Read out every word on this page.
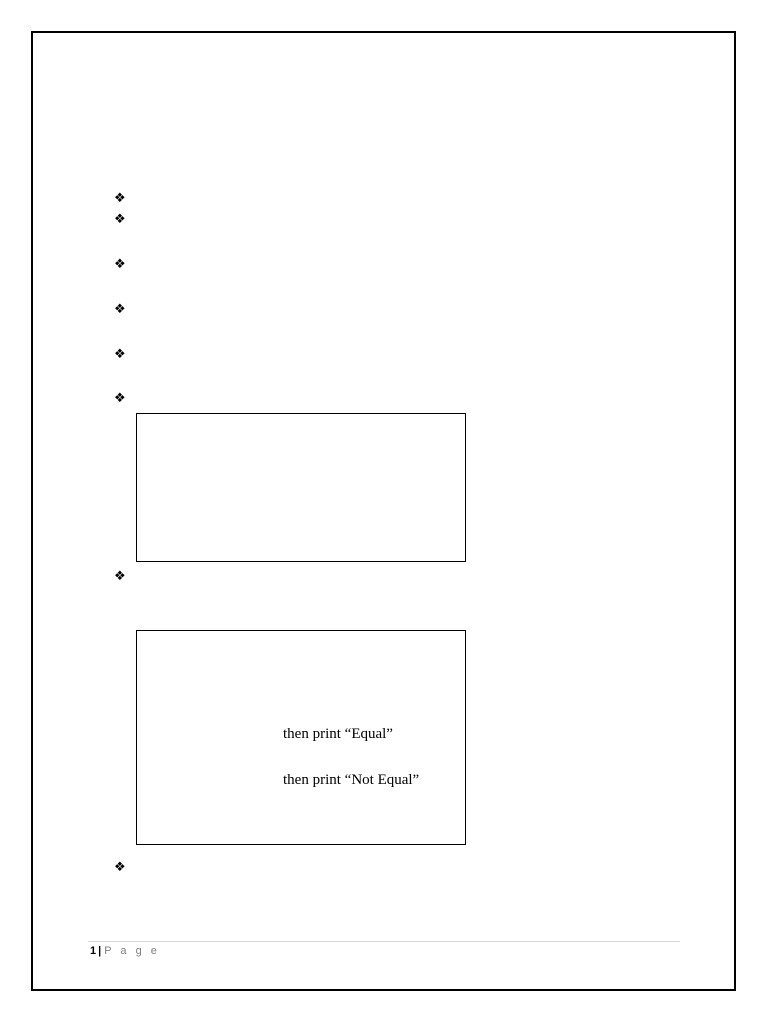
❖
❖
❖
❖
❖
❖
❖
then print “Equal”
then print “Not Equal”
❖
1 | P a g e
